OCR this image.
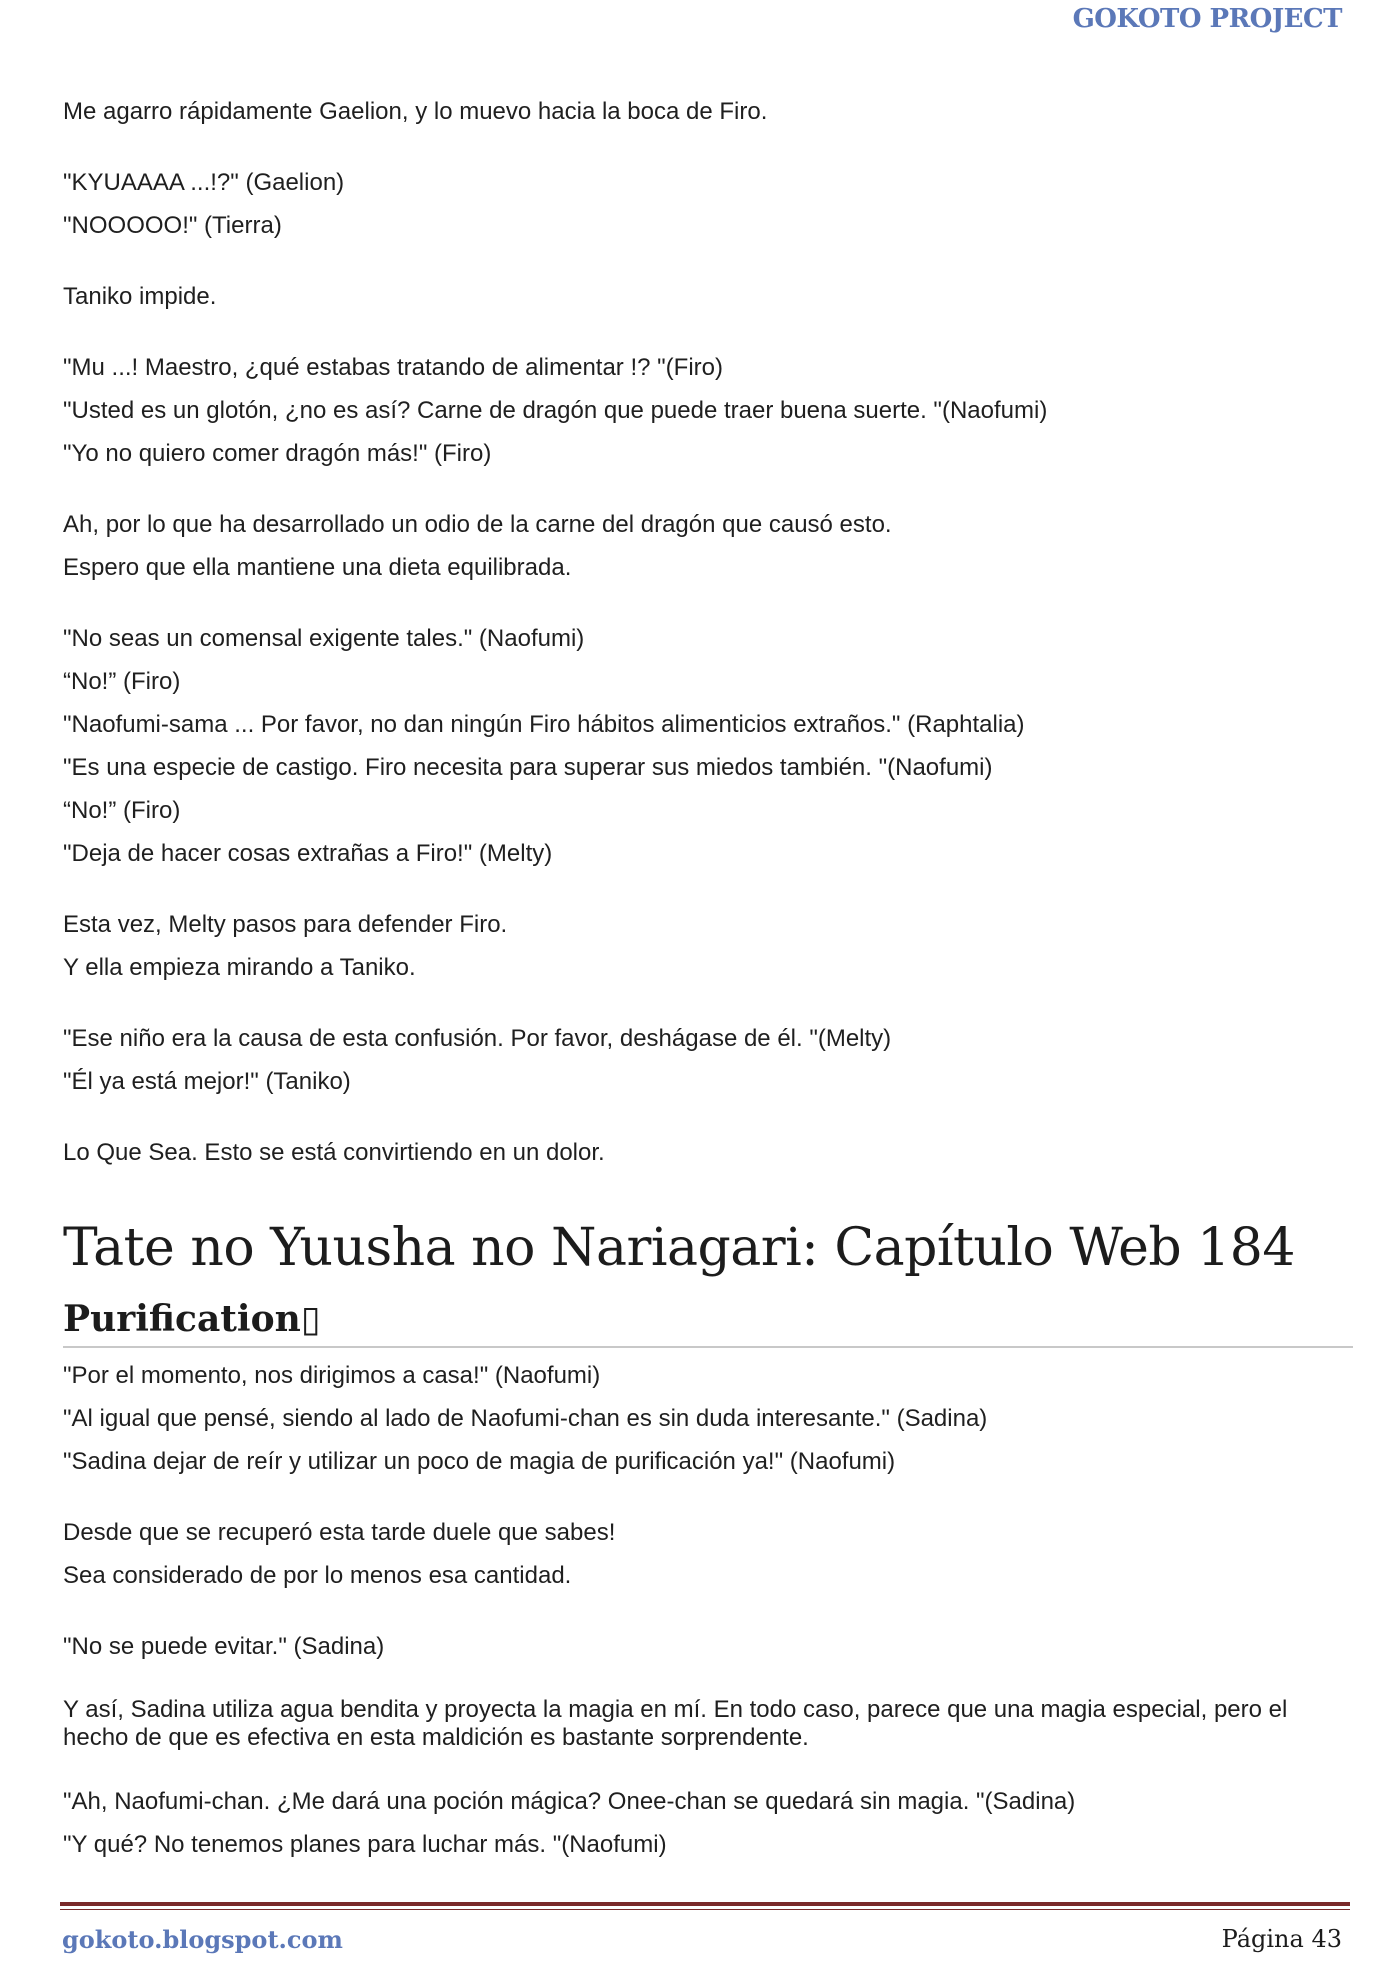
GOKOTO PROJECT

Me agarro rápidamente Gaelion, y lo muevo hacia la boca de Firo.

"KYUAAAA ...!?" (Gaelion)

"NOOOOO!" (Tierra)

Taniko impide.

"Mu ...! Maestro, ¿qué estabas tratando de alimentar !? "(Firo)

"Usted es un glotón, ¿no es así? Carne de dragón que puede traer buena suerte. "(Naofumi)

"Yo no quiero comer dragón más!" (Firo)

Ah, por lo que ha desarrollado un odio de la carne del dragón que causó esto.

Espero que ella mantiene una dieta equilibrada.

"No seas un comensal exigente tales." (Naofumi)

“No!” (Firo)

"Naofumi-sama ... Por favor, no dan ningún Firo hábitos alimenticios extraños." (Raphtalia)

"Es una especie de castigo. Firo necesita para superar sus miedos también. "(Naofumi)

“No!” (Firo)

"Deja de hacer cosas extrañas a Firo!" (Melty)

Esta vez, Melty pasos para defender Firo.

Y ella empieza mirando a Taniko.

"Ese niño era la causa de esta confusión. Por favor, deshágase de él. "(Melty)

"Él ya está mejor!" (Taniko)

Lo Que Sea. Esto se está convirtiendo en un dolor.

Tate no Yuusha no Nariagari: Capítulo Web 184
Purification▯

"Por el momento, nos dirigimos a casa!" (Naofumi)

"Al igual que pensé, siendo al lado de Naofumi-chan es sin duda interesante." (Sadina)

"Sadina dejar de reír y utilizar un poco de magia de purificación ya!" (Naofumi)

Desde que se recuperó esta tarde duele que sabes!

Sea considerado de por lo menos esa cantidad.

"No se puede evitar." (Sadina)

Y así, Sadina utiliza agua bendita y proyecta la magia en mí. En todo caso, parece que una magia especial, pero el hecho de que es efectiva en esta maldición es bastante sorprendente.

"Ah, Naofumi-chan. ¿Me dará una poción mágica? Onee-chan se quedará sin magia. "(Sadina)

"Y qué? No tenemos planes para luchar más. "(Naofumi)

gokoto.blogspot.com	Página 43
